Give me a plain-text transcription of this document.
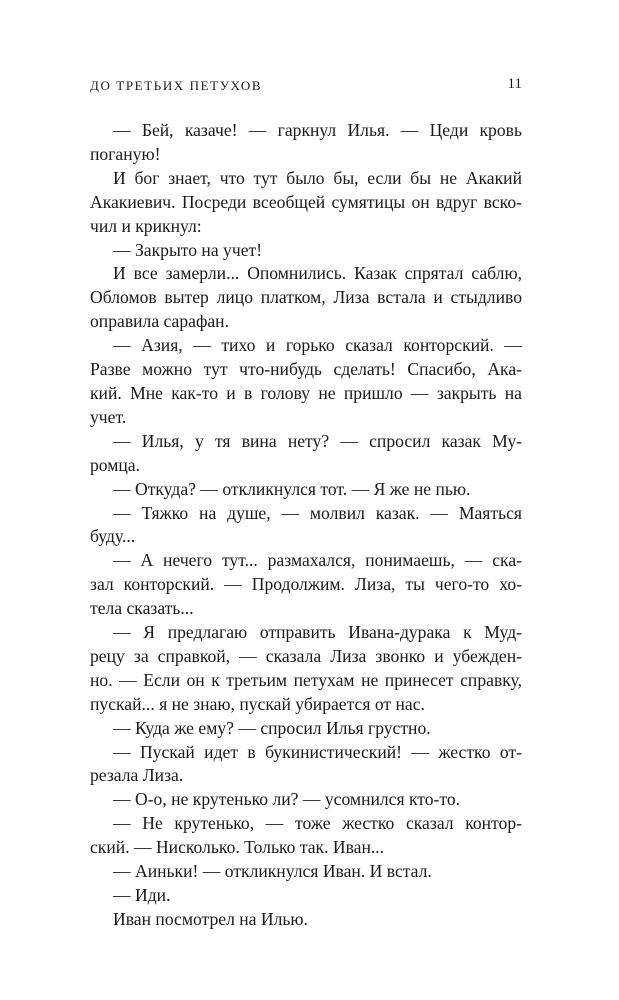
ДО ТРЕТЬИХ ПЕТУХОВ	11
— Бей, казаче! — гаркнул Илья. — Цеди кровь
поганую!
И бог знает, что тут было бы, если бы не Акакий
Акакиевич. Посреди всеобщей сумятицы он вдруг вско-
чил и крикнул:
— Закрыто на учет!
И все замерли... Опомнились. Казак спрятал саблю,
Обломов вытер лицо платком, Лиза встала и стыдливо
оправила сарафан.
— Азия, — тихо и горько сказал конторский. —
Разве можно тут что-нибудь сделать! Спасибо, Ака-
кий. Мне как-то и в голову не пришло — закрыть на
учет.
— Илья, у тя вина нету? — спросил казак Му-
ромца.
— Откуда? — откликнулся тот. — Я же не пью.
— Тяжко на душе, — молвил казак. — Маяться
буду...
— А нечего тут... размахался, понимаешь, — ска-
зал конторский. — Продолжим. Лиза, ты чего-то хо-
тела сказать...
— Я предлагаю отправить Ивана-дурака к Муд-
рецу за справкой, — сказала Лиза звонко и убежден-
но. — Если он к третьим петухам не принесет справку,
пускай... я не знаю, пускай убирается от нас.
— Куда же ему? — спросил Илья грустно.
— Пускай идет в букинистический! — жестко от-
резала Лиза.
— О-о, не крутенько ли? — усомнился кто-то.
— Не крутенько, — тоже жестко сказал контор-
ский. — Нисколько. Только так. Иван...
— Аиньки! — откликнулся Иван. И встал.
— Иди.
Иван посмотрел на Илью.
